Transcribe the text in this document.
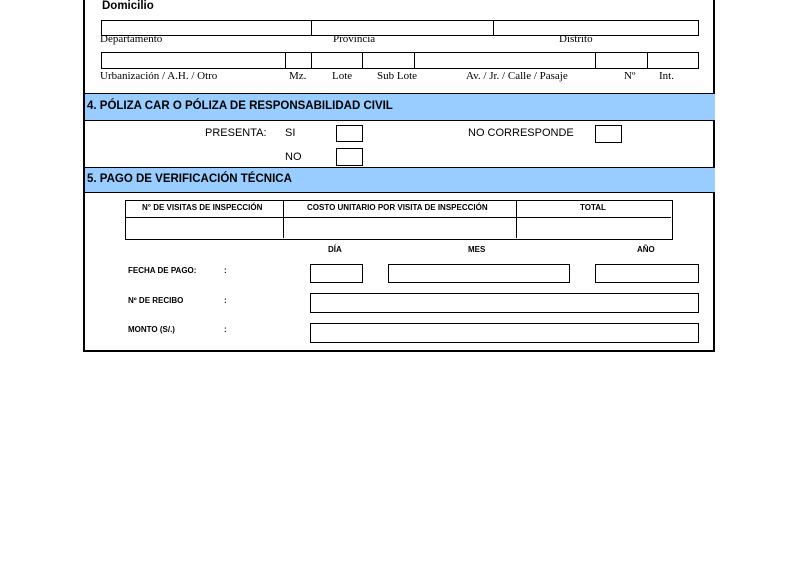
Domicilio
Departamento	Provincia	Distrito
Urbanización / A.H. / Otro	Mz. Lote Sub Lote	Av. / Jr. / Calle / Pasaje	Nº Int.
4. PÓLIZA CAR O PÓLIZA DE RESPONSABILIDAD CIVIL
PRESENTA: SI
NO
NO CORRESPONDE
5. PAGO DE VERIFICACIÓN TÉCNICA
N° DE VISITAS DE INSPECCIÓN	COSTO UNITARIO POR VISITA DE INSPECCIÓN	TOTAL
DÍA	MES	AÑO
FECHA DE PAGO:	:
Nº DE RECIBO	:
MONTO (S/.)	:
